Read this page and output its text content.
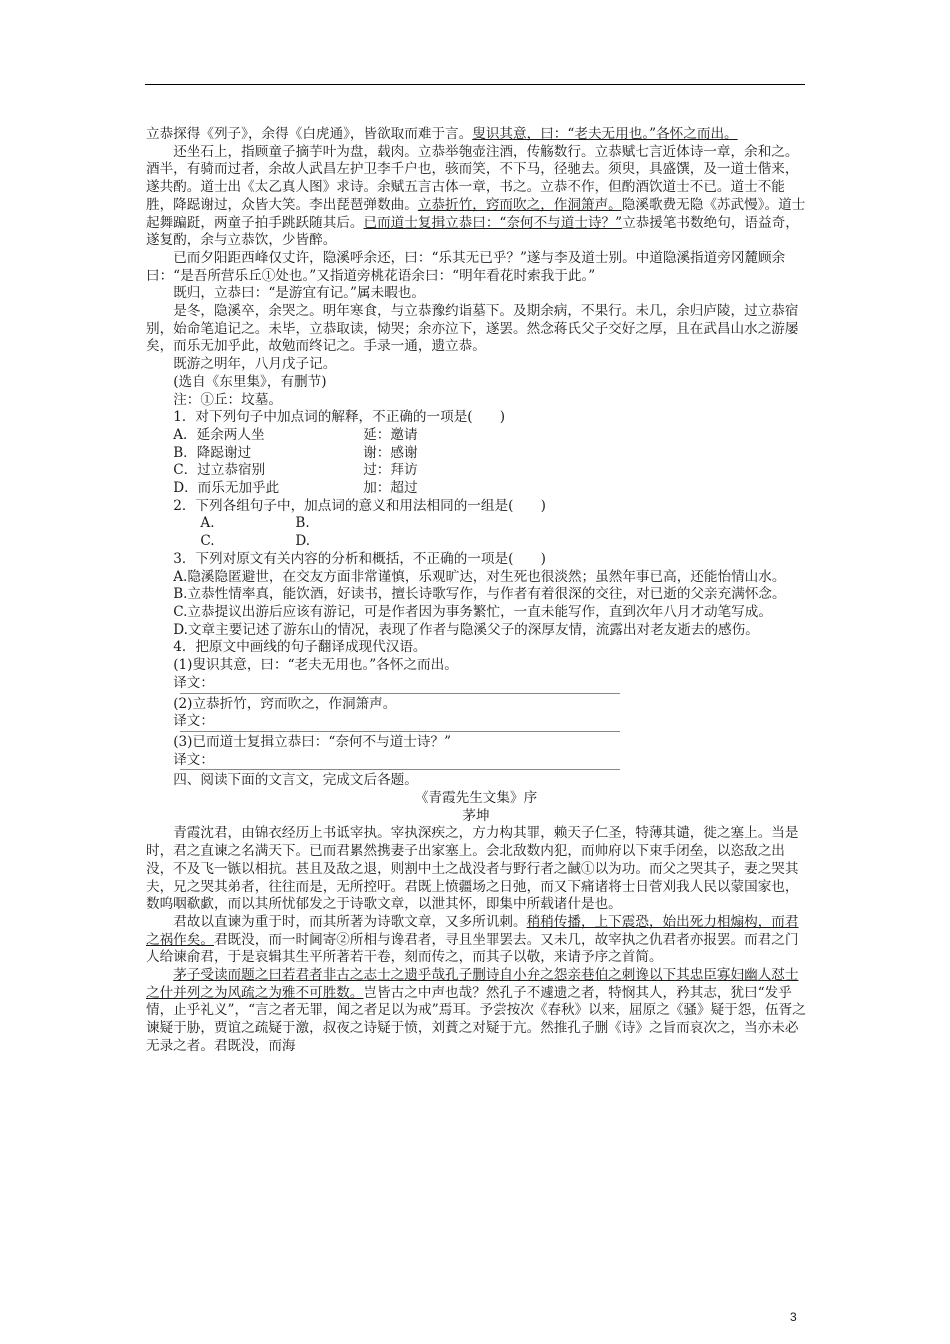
立恭探得《列子》，余得《白虎通》，皆欲取而难于言。叟识其意，曰：“老夫无用也。”各怀之而出。

还坐石上，指顾童子摘芋叶为盘，载肉。立恭举匏壶注酒，传觞数行。立恭赋七言近体诗一章，余和之。酒半，有骑而过者，余故人武昌左护卫李千户也，骇而笑，不下马，径驰去。须臾，具盛馔，及一道士偕来，遂共酌。道士出《太乙真人图》求诗。余赋五言古体一章，书之。立恭不作，但酌酒饮道士不已。道士不能胜，降跽谢过，众皆大笑。李出琵琶弹数曲。立恭折竹，窍而吹之，作洞箫声。隐溪歌费无隐《苏武慢》。道士起舞蹁跹，两童子拍手跳跃随其后。已而道士复揖立恭曰：“奈何不与道士诗？”立恭援笔书数绝句，语益奇，遂复酌，余与立恭饮，少皆醉。

已而夕阳距西峰仅丈许，隐溪呼余还，曰：“乐其无已乎？”遂与李及道士别。中道隐溪指道旁冈麓顾余曰：“是吾所营乐丘①处也。”又指道旁桃花语余曰：“明年看花时索我于此。”

既归，立恭曰：“是游宜有记。”属未暇也。

是冬，隐溪卒，余哭之。明年寒食，与立恭豫约诣墓下。及期余病，不果行。未几，余归庐陵，过立恭宿别，始命笔追记之。未毕，立恭取读，恸哭；余亦泣下，遂罢。然念蒋氏父子交好之厚，且在武昌山水之游屡矣，而乐无加乎此，故勉而终记之。手录一通，遗立恭。

既游之明年，八月戊子记。

(选自《东里集》，有删节)

注：①丘：坟墓。

1．对下列句子中加点词的解释，不正确的一项是(　　)

A．延余两人坐	延：邀请
B．降跽谢过	谢：感谢
C．过立恭宿别	过：拜访
D．而乐无加乎此	加：超过

2．下列各组句子中，加点词的意义和用法相同的一组是(　　)

A.	B.

C.	D.

3．下列对原文有关内容的分析和概括，不正确的一项是(　　)

A.隐溪隐匿避世，在交友方面非常谨慎，乐观旷达，对生死也很淡然；虽然年事已高，还能怡情山水。

B.立恭性情率真，能饮酒，好读书，擅长诗歌写作，与作者有着很深的交往，对已逝的父亲充满怀念。

C.立恭提议出游后应该有游记，可是作者因为事务繁忙，一直未能写作，直到次年八月才动笔写成。

D.文章主要记述了游东山的情况，表现了作者与隐溪父子的深厚友情，流露出对老友逝去的感伤。

4．把原文中画线的句子翻译成现代汉语。

(1)叟识其意，曰：“老夫无用也。”各怀之而出。

译文：

(2)立恭折竹，窍而吹之，作洞箫声。

译文：

(3)已而道士复揖立恭曰：“奈何不与道士诗？”

译文：

四、阅读下面的文言文，完成文后各题。

《青霞先生文集》序

茅坤

青霞沈君，由锦衣经历上书诋宰执。宰执深疾之，方力构其罪，赖天子仁圣，特薄其谴，徙之塞上。当是时，君之直谏之名满天下。已而君累然携妻子出家塞上。会北敌数内犯，而帅府以下束手闭垒，以恣敌之出没，不及飞一镞以相抗。甚且及敌之退，则割中土之战没者与野行者之馘①以为功。而父之哭其子，妻之哭其夫，兄之哭其弟者，往往而是，无所控吁。君既上愤疆场之日弛，而又下痛诸将士日菅刈我人民以蒙国家也，数呜咽欷歔，而以其所忧郁发之于诗歌文章，以泄其怀，即集中所载诸什是也。

君故以直谏为重于时，而其所著为诗歌文章，又多所讥刺。稍稍传播，上下震恐，始出死力相煽构，而君之祸作矣。君既没，而一时阃寄②所相与谗君者，寻且坐罪罢去。又未几，故宰执之仇君者亦报罢。而君之门人给谏俞君，于是哀辑其生平所著若干卷，刻而传之，而其子以敬，来请予序之首简。

茅子受读而题之曰若君者非古之志士之遗乎哉孔子删诗自小弁之怨亲巷伯之刺谗以下其忠臣寡妇幽人怼士之什并列之为风疏之为雅不可胜数。岂皆古之中声也哉？然孔子不遽遗之者，特悯其人，矜其志，犹曰“发乎情，止乎礼义”，“言之者无罪，闻之者足以为戒”焉耳。予尝按次《春秋》以来，屈原之《骚》疑于怨，伍胥之谏疑于胁，贾谊之疏疑于激，叔夜之诗疑于愤，刘蕡之对疑于亢。然推孔子删《诗》之旨而哀次之，当亦未必无录之者。君既没，而海

3
